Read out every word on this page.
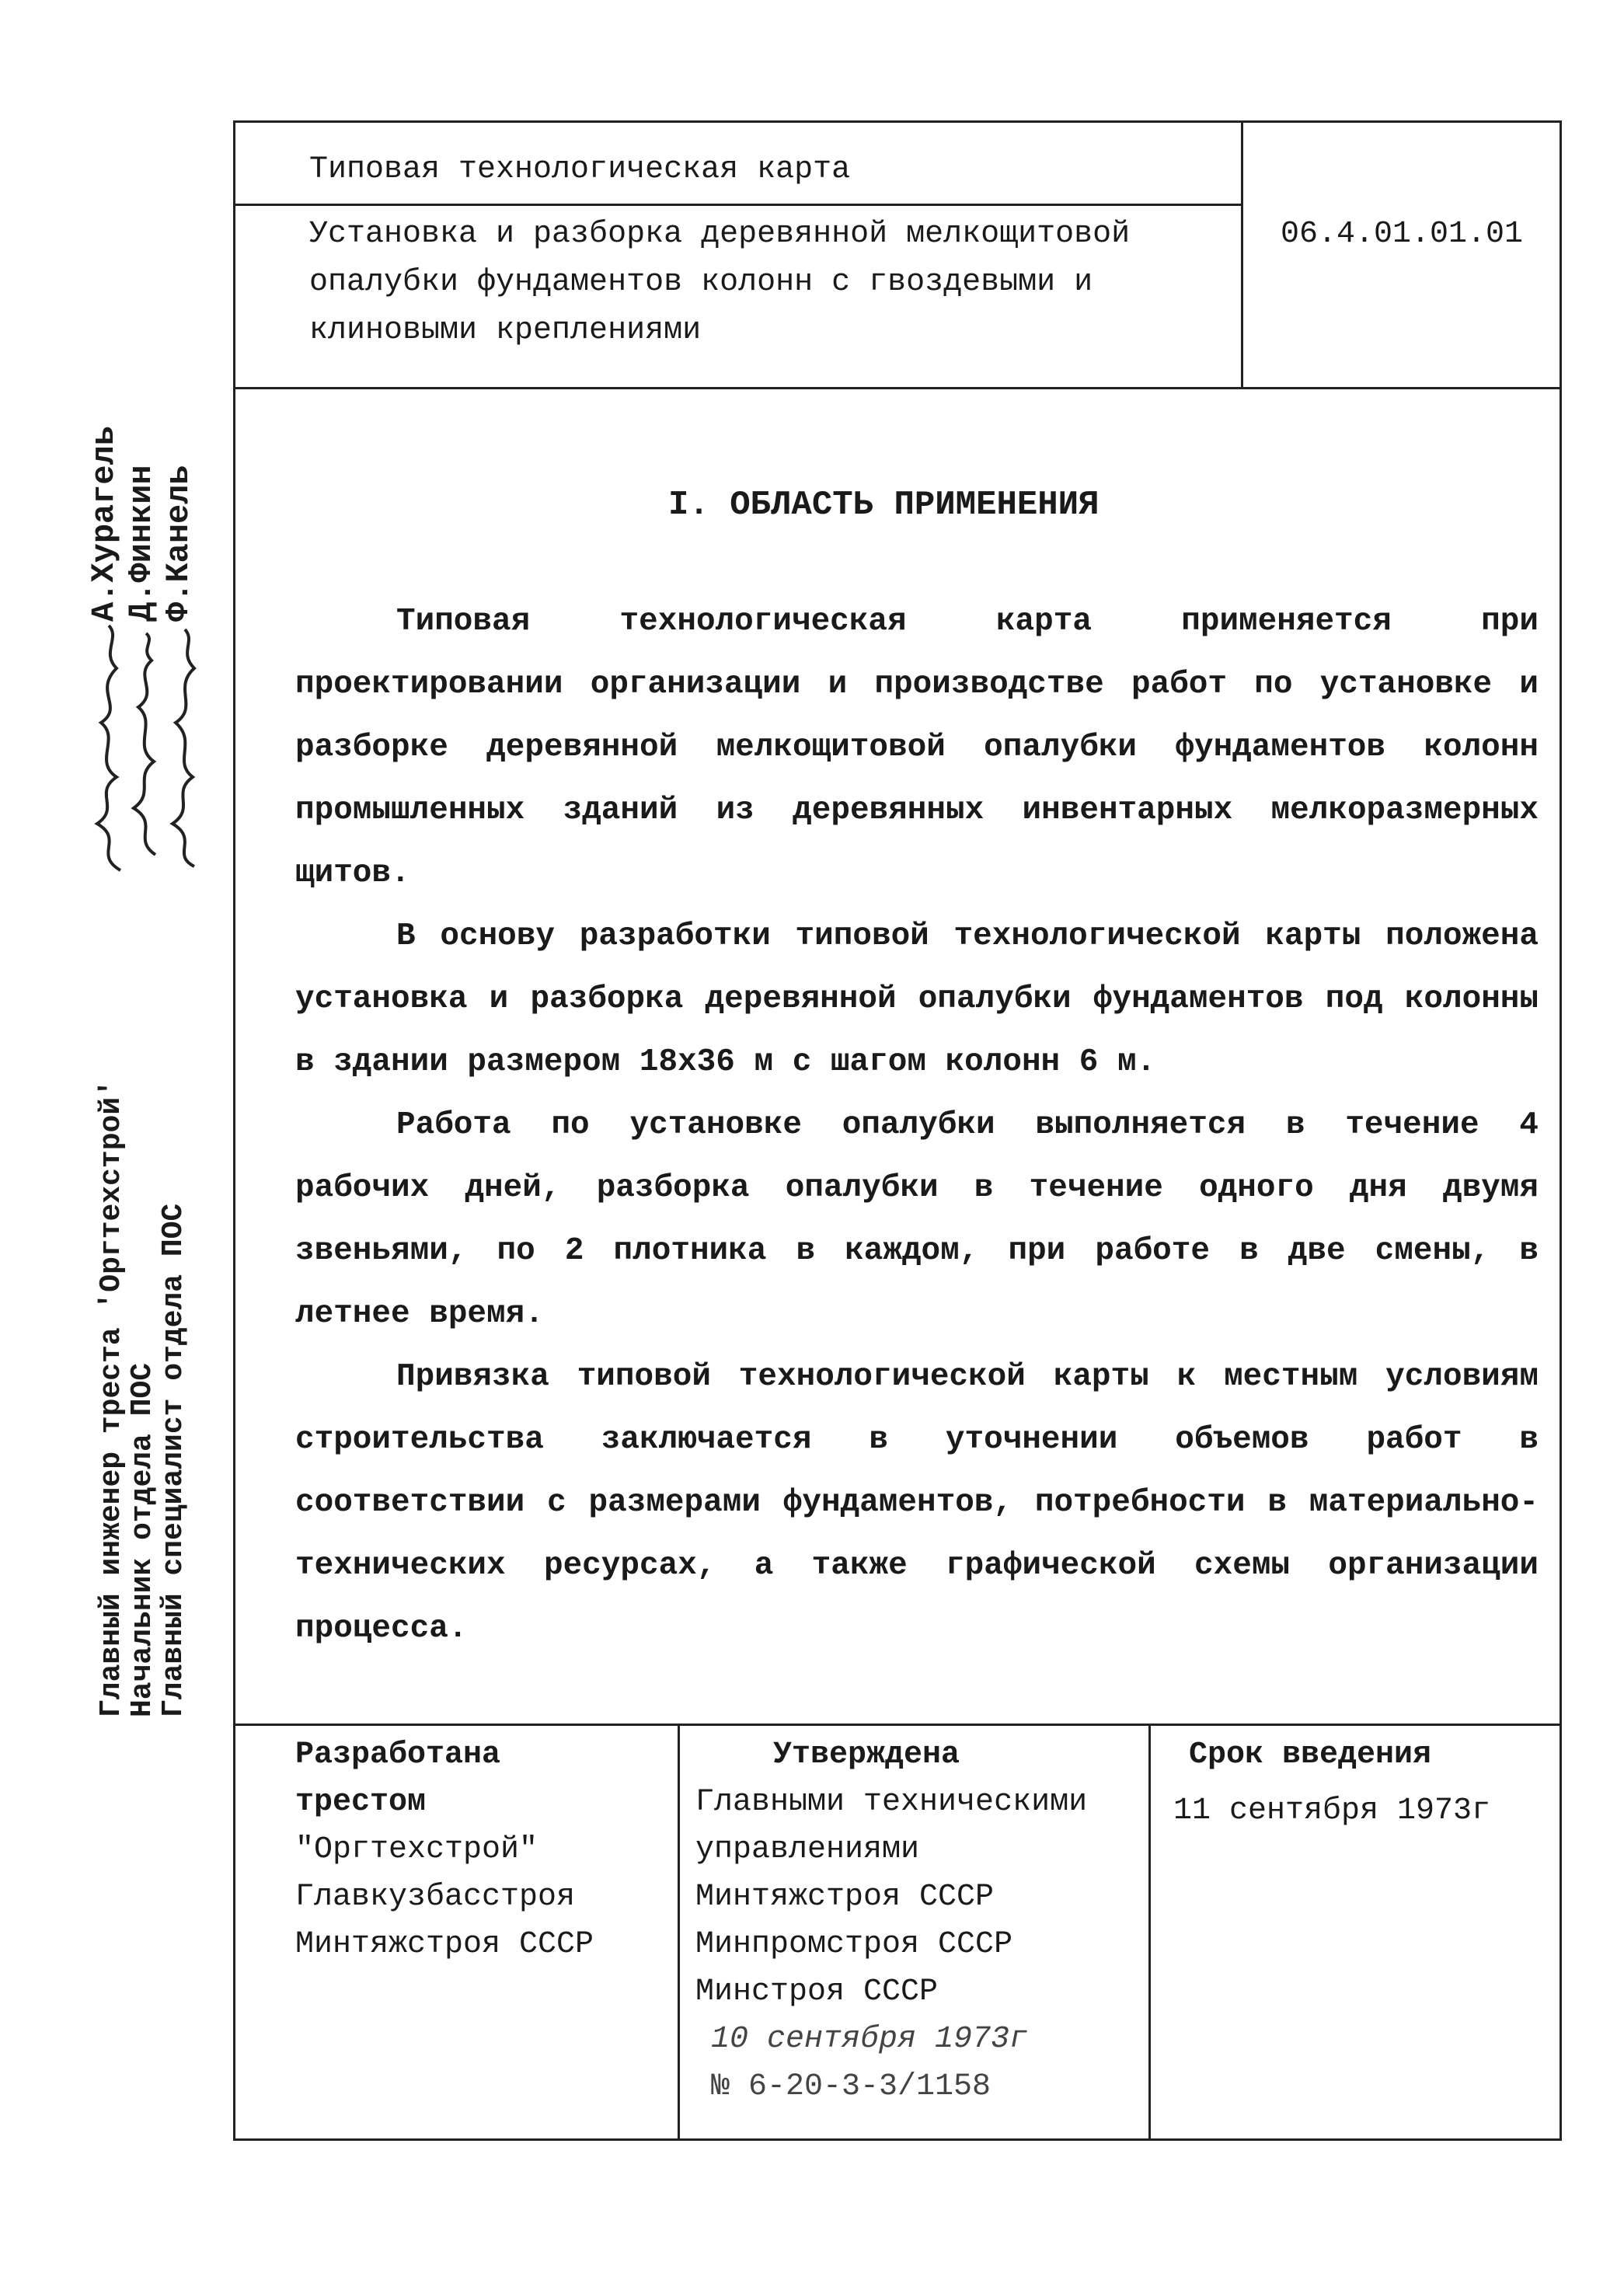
Типовая технологическая карта
Установка и разборка деревянной мелкощитовой
опалубки фундаментов колонн с гвоздевыми и
клиновыми креплениями
06.4.01.01.01
I. ОБЛАСТЬ ПРИМЕНЕНИЯ

Типовая технологическая карта применяется при проектировании организации и производстве работ по установке и разборке деревянной мелкощитовой опалубки фундаментов колонн промышленных зданий из деревянных инвентарных мелкоразмерных щитов.

В основу разработки типовой технологической карты положена установка и разборка деревянной опалубки фундаментов под колонны в здании размером 18х36 м с шагом колонн 6 м.

Работа по установке опалубки выполняется в течение 4 рабочих дней, разборка опалубки в течение одного дня двумя звеньями, по 2 плотника в каждом, при работе в две смены, в летнее время.

Привязка типовой технологической карты к местным условиям строительства заключается в уточнении объемов работ в соответствии с размерами фундаментов, потребности в материально-технических ресурсах, а также графической схемы организации процесса.

Разработана
трестом
"Оргтехстрой"
Главкузбасстроя
Минтяжстроя СССР
Утверждена
Главными техническими
управлениями
Минтяжстроя СССР
Минпромстроя СССР
Минстроя СССР
10 сентября 1973г
№ 6-20-3-3/1158
Срок введения
11 сентября 1973г
Главный инженер треста 'Оргтехстрой'
Начальник отдела ПОС
Главный специалист отдела ПОС
А.Хурагель Д.Финкин Ф.Канель
